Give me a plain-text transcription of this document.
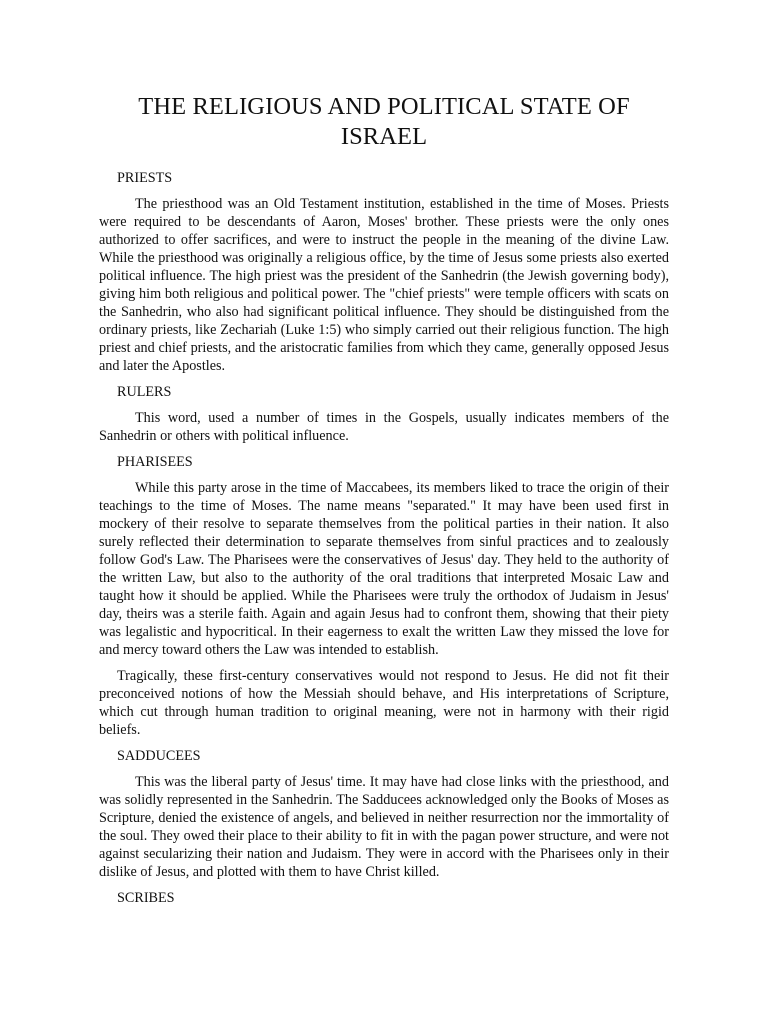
THE RELIGIOUS AND POLITICAL STATE OF ISRAEL
PRIESTS

The priesthood was an Old Testament institution, established in the time of Moses. Priests were required to be descendants of Aaron, Moses' brother. These priests were the only ones authorized to offer sacrifices, and were to instruct the people in the meaning of the divine Law. While the priesthood was originally a religious office, by the time of Jesus some priests also exerted political influence. The high priest was the president of the Sanhedrin (the Jewish governing body), giving him both religious and political power. The "chief priests" were temple officers with scats on the Sanhedrin, who also had significant political influence. They should be distinguished from the ordinary priests, like Zechariah (Luke 1:5) who simply carried out their religious function. The high priest and chief priests, and the aristocratic families from which they came, generally opposed Jesus and later the Apostles.

RULERS

This word, used a number of times in the Gospels, usually indicates members of the Sanhedrin or others with political influence.

PHARISEES

While this party arose in the time of Maccabees, its members liked to trace the origin of their teachings to the time of Moses. The name means "separated." It may have been used first in mockery of their resolve to separate themselves from the political parties in their nation. It also surely reflected their determination to separate themselves from sinful practices and to zealously follow God's Law. The Pharisees were the conservatives of Jesus' day. They held to the authority of the written Law, but also to the authority of the oral traditions that interpreted Mosaic Law and taught how it should be applied. While the Pharisees were truly the orthodox of Judaism in Jesus' day, theirs was a sterile faith. Again and again Jesus had to confront them, showing that their piety was legalistic and hypocritical. In their eagerness to exalt the written Law they missed the love for and mercy toward others the Law was intended to establish.

Tragically, these first-century conservatives would not respond to Jesus. He did not fit their preconceived notions of how the Messiah should behave, and His interpretations of Scripture, which cut through human tradition to original meaning, were not in harmony with their rigid beliefs.

SADDUCEES

This was the liberal party of Jesus' time. It may have had close links with the priesthood, and was solidly represented in the Sanhedrin. The Sadducees acknowledged only the Books of Moses as Scripture, denied the existence of angels, and believed in neither resurrection nor the immortality of the soul. They owed their place to their ability to fit in with the pagan power structure, and were not against secularizing their nation and Judaism. They were in accord with the Pharisees only in their dislike of Jesus, and plotted with them to have Christ killed.

SCRIBES
